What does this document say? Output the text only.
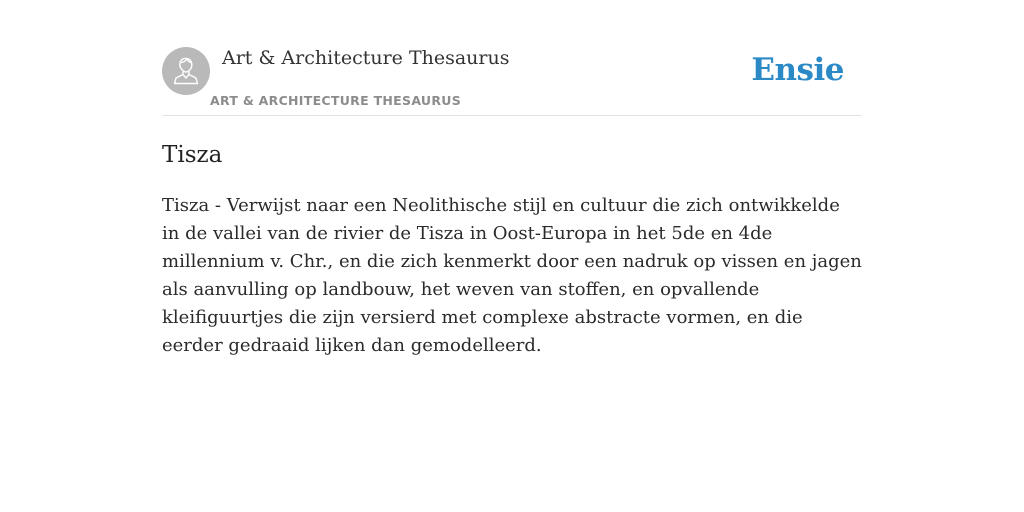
Art & Architecture Thesaurus
ART & ARCHITECTURE THESAURUS
Ensie
Tisza

Tisza - Verwijst naar een Neolithische stijl en cultuur die zich ontwikkelde in de vallei van de rivier de Tisza in Oost-Europa in het 5de en 4de millennium v. Chr., en die zich kenmerkt door een nadruk op vissen en jagen als aanvulling op landbouw, het weven van stoffen, en opvallende kleifiguurtjes die zijn versierd met complexe abstracte vormen, en die eerder gedraaid lijken dan gemodelleerd.
